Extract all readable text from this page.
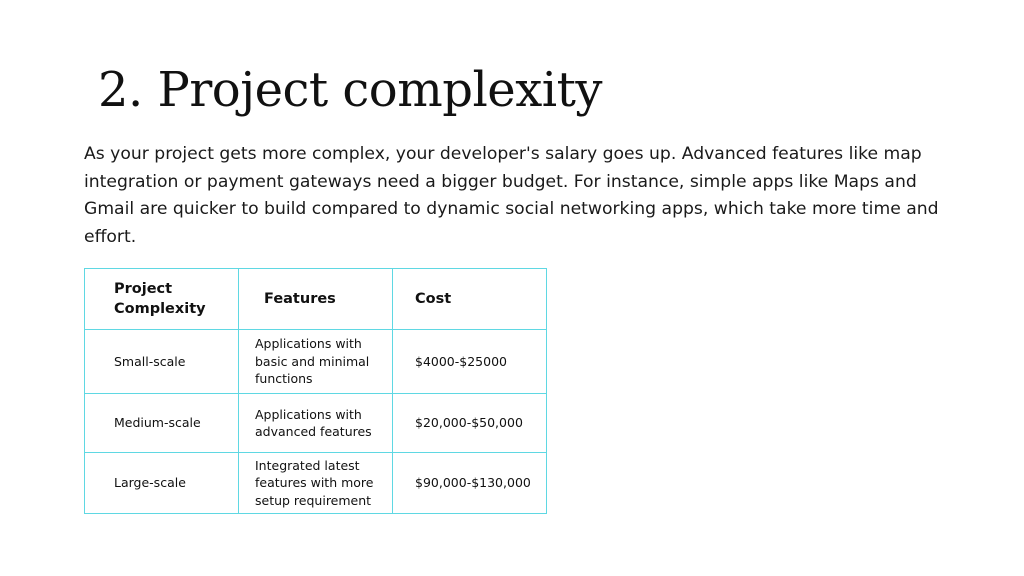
2. Project complexity

As your project gets more complex, your developer's salary goes up. Advanced features like map integration or payment gateways need a bigger budget. For instance, simple apps like Maps and Gmail are quicker to build compared to dynamic social networking apps, which take more time and effort.

Project Complexity	Features	Cost

Small-scale	Applications with basic and minimal functions	$4000-$25000

Medium-scale	Applications with advanced features	$20,000-$50,000

Large-scale	Integrated latest features with more setup requirement	$90,000-$130,000
